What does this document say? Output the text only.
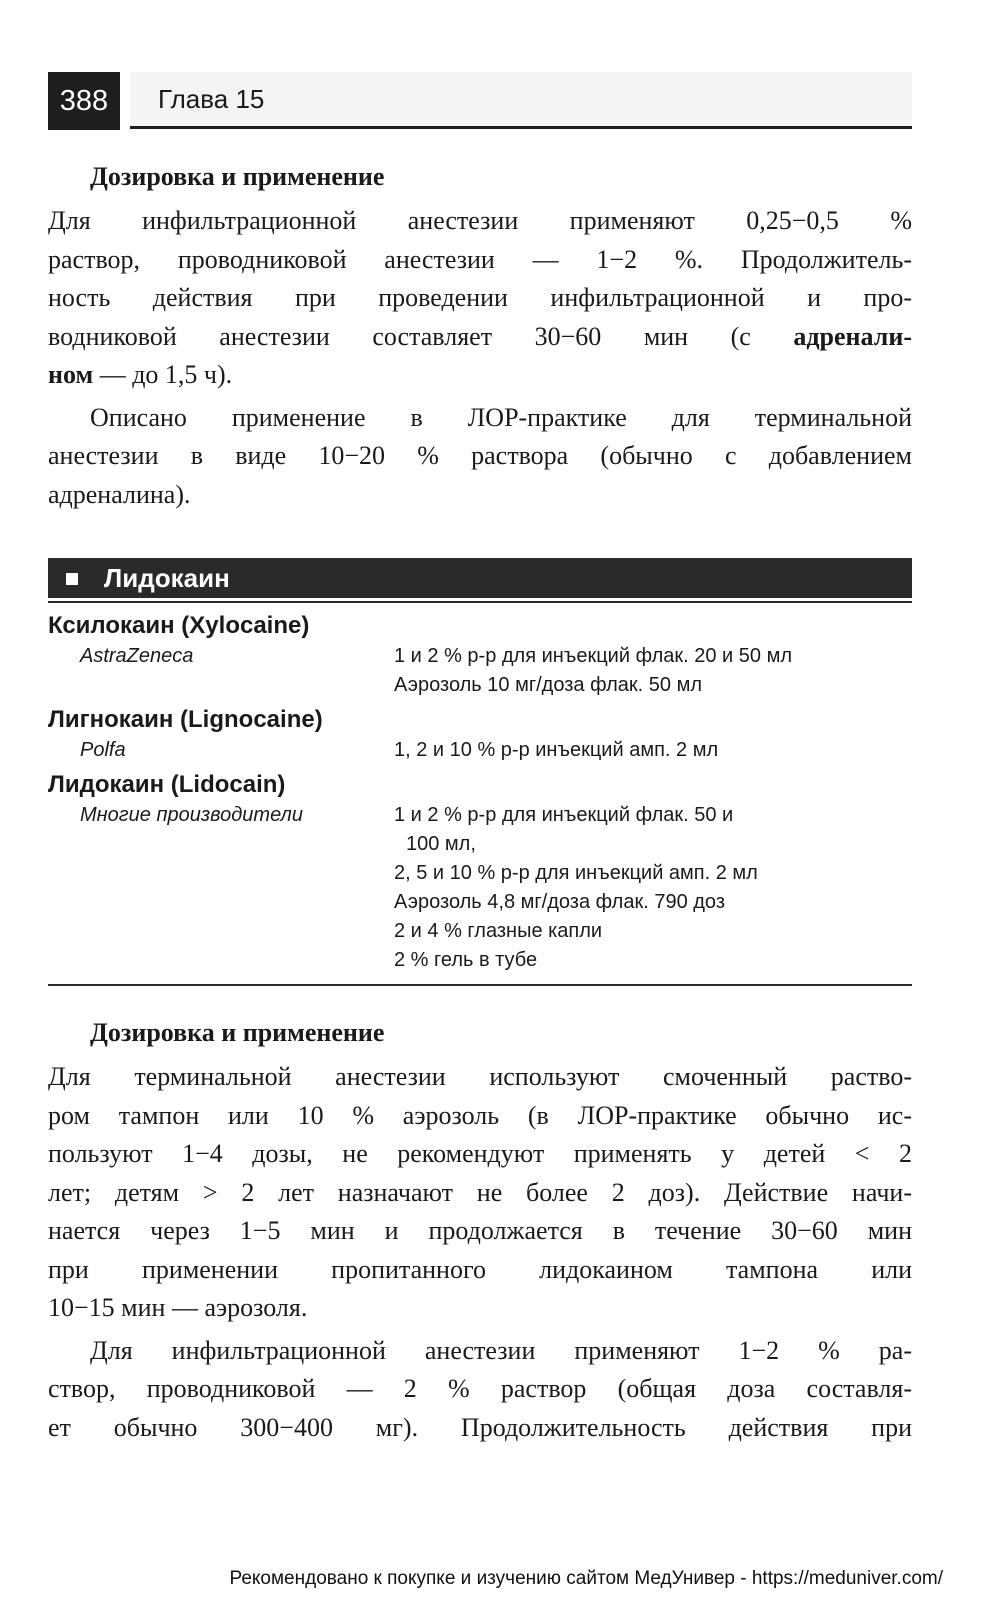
388	Глава 15

Дозировка и применение

Для инфильтрационной анестезии применяют 0,25−0,5 %
раствор, проводниковой анестезии — 1−2 %. Продолжитель-
ность действия при проведении инфильтрационной и про-
водниковой анестезии составляет 30−60 мин (с адренали-
ном — до 1,5 ч).

Описано применение в ЛОР-практике для терминальной
анестезии в виде 10−20 % раствора (обычно с добавлением
адреналина).

Лидокаин
Ксилокаин (Xylocaine)
AstraZeneca	1 и 2 % р-р для инъекций флак. 20 и 50 мл
Аэрозоль 10 мг/доза флак. 50 мл
Лигнокаин (Lignocaine)
Polfa	1, 2 и 10 % р-р инъекций амп. 2 мл
Лидокаин (Lidocain)
Многие производители	1 и 2 % р-р для инъекций флак. 50 и
100 мл,
2, 5 и 10 % р-р для инъекций амп. 2 мл
Аэрозоль 4,8 мг/доза флак. 790 доз
2 и 4 % глазные капли
2 % гель в тубе

Дозировка и применение

Для терминальной анестезии используют смоченный раство-
ром тампон или 10 % аэрозоль (в ЛОР-практике обычно ис-
пользуют 1−4 дозы, не рекомендуют применять у детей < 2
лет; детям > 2 лет назначают не более 2 доз). Действие начи-
нается через 1−5 мин и продолжается в течение 30−60 мин
при применении пропитанного лидокаином тампона или
10−15 мин — аэрозоля.

Для инфильтрационной анестезии применяют 1−2 % ра-
створ, проводниковой — 2 % раствор (общая доза составля-
ет обычно 300−400 мг). Продолжительность действия при

Рекомендовано к покупке и изучению сайтом МедУнивер - https://meduniver.com/
